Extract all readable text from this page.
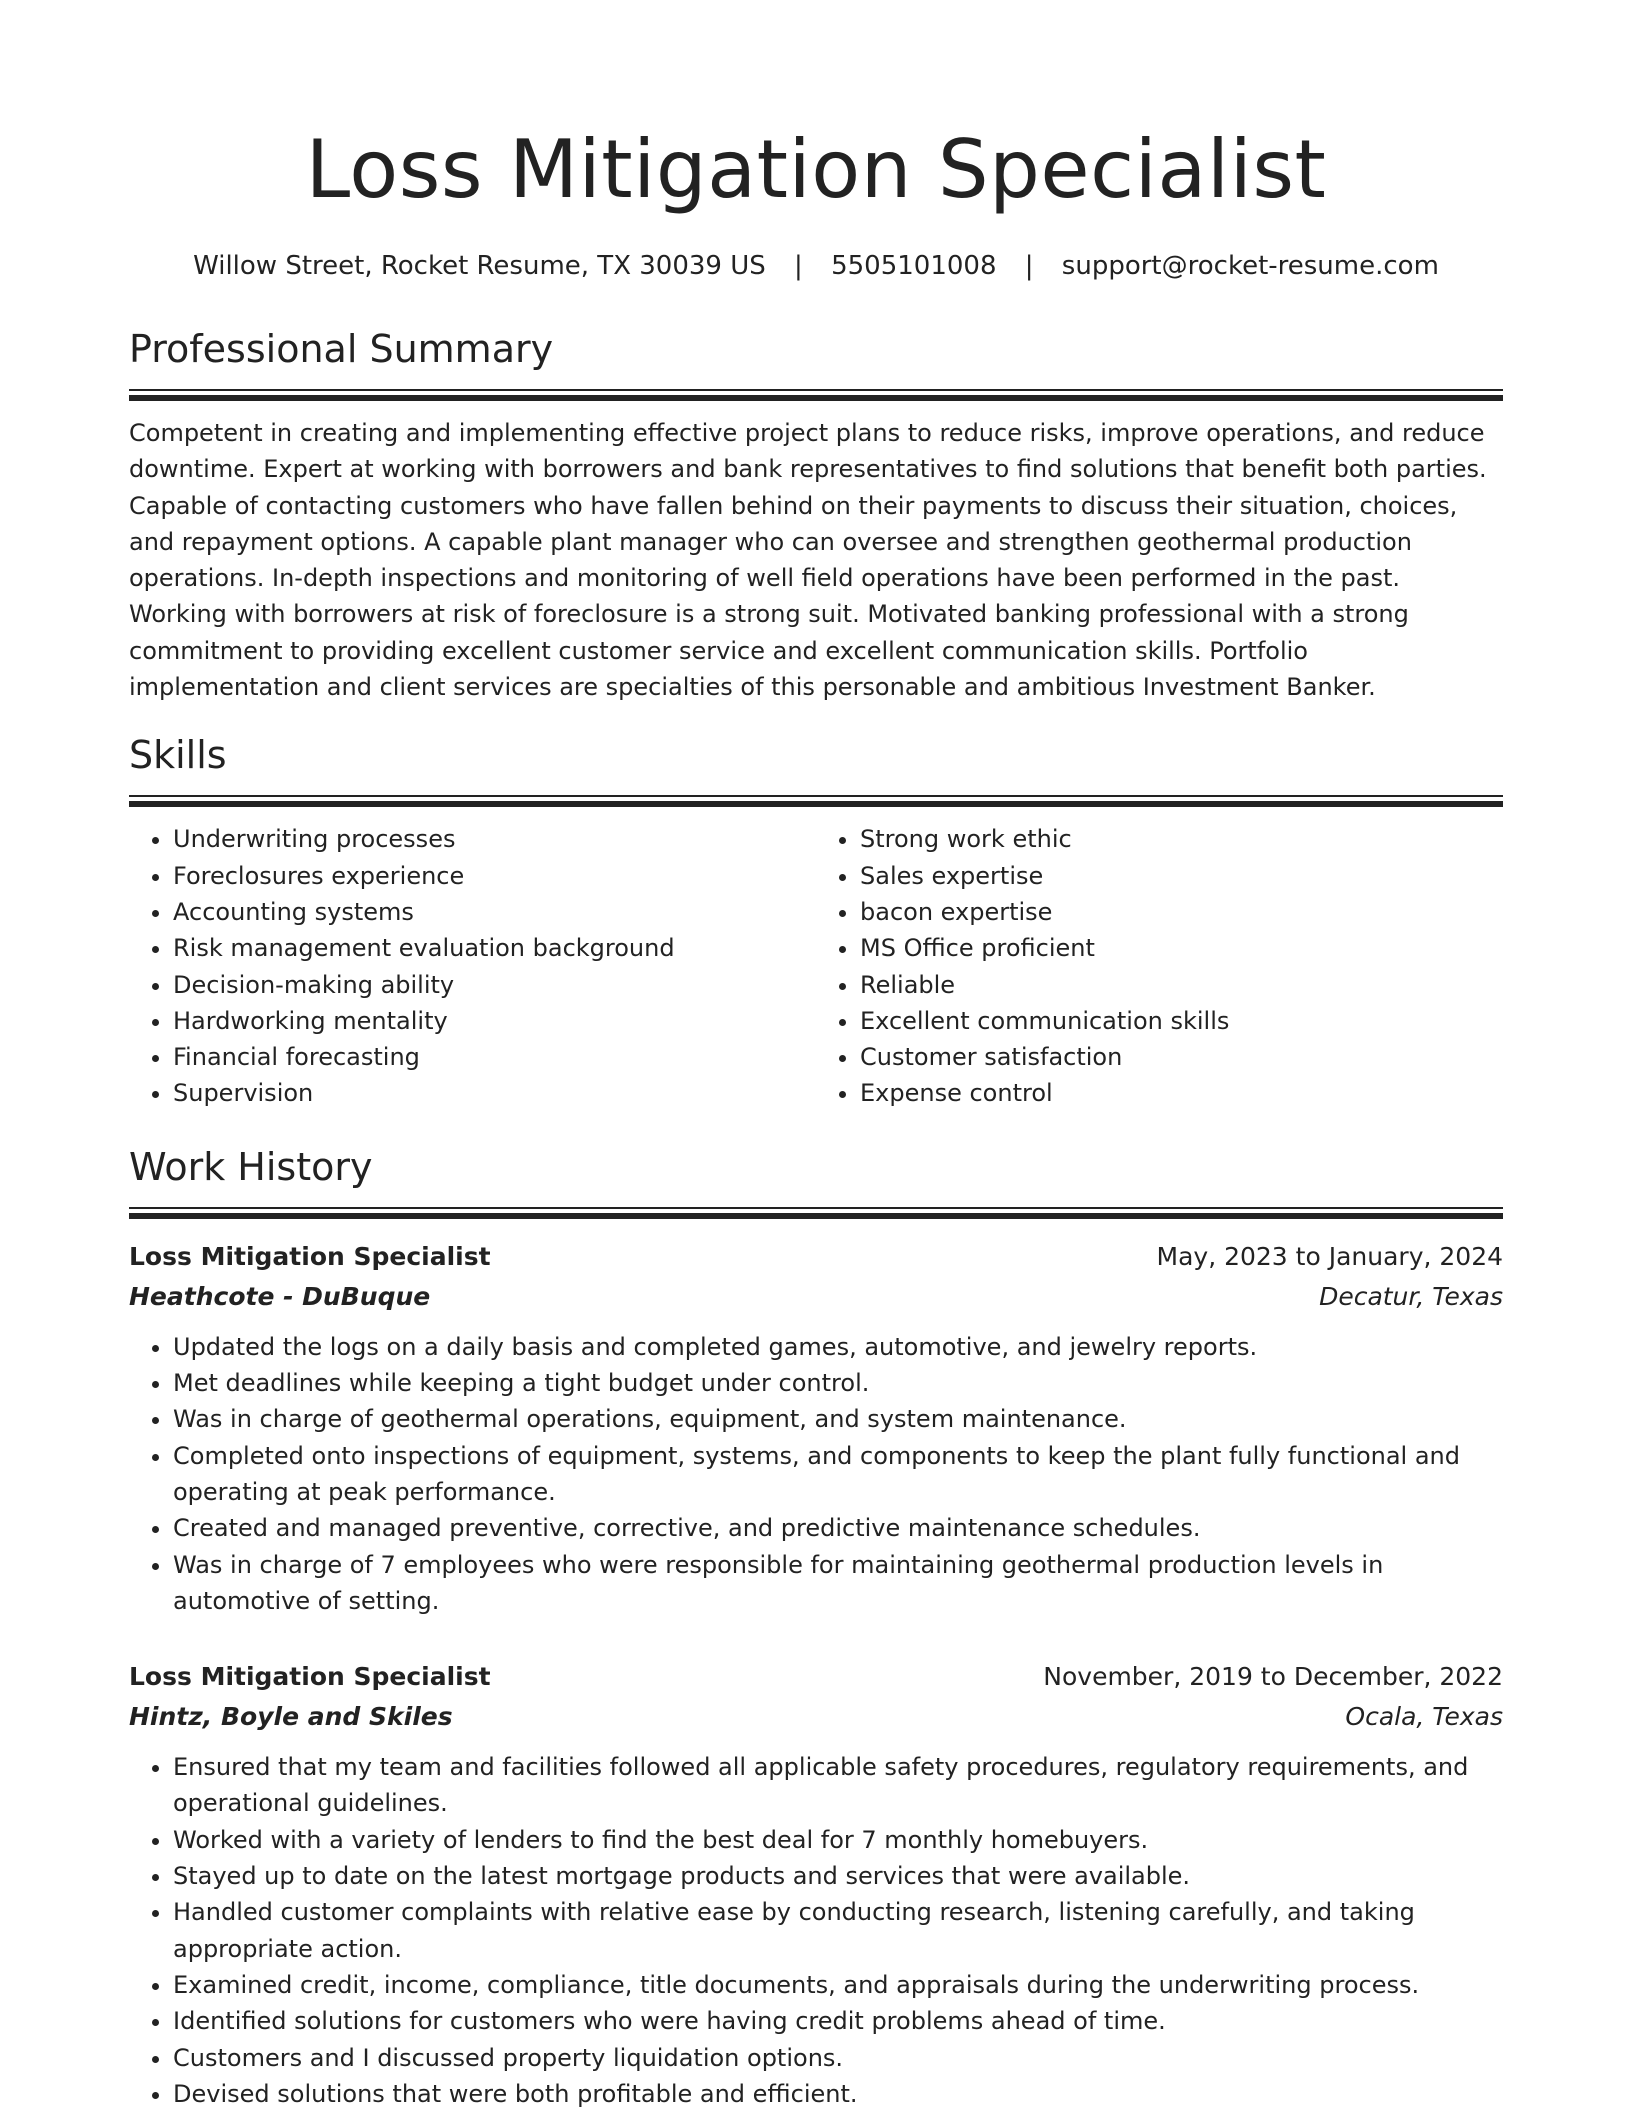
Loss Mitigation Specialist
Willow Street, Rocket Resume, TX 30039 US | 5505101008 | support@rocket-resume.com
Professional Summary

Competent in creating and implementing effective project plans to reduce risks, improve operations, and reduce downtime. Expert at working with borrowers and bank representatives to find solutions that benefit both parties. Capable of contacting customers who have fallen behind on their payments to discuss their situation, choices, and repayment options. A capable plant manager who can oversee and strengthen geothermal production operations. In-depth inspections and monitoring of well field operations have been performed in the past. Working with borrowers at risk of foreclosure is a strong suit. Motivated banking professional with a strong commitment to providing excellent customer service and excellent communication skills. Portfolio implementation and client services are specialties of this personable and ambitious Investment Banker.

Skills
• Underwriting processes
• Foreclosures experience
• Accounting systems
• Risk management evaluation background
• Decision-making ability
• Hardworking mentality
• Financial forecasting
• Supervision
• Strong work ethic
• Sales expertise
• bacon expertise
• MS Office proficient
• Reliable
• Excellent communication skills
• Customer satisfaction
• Expense control
Work History
Loss Mitigation Specialist	May, 2023 to January, 2024
Heathcote - DuBuque	Decatur, Texas
• Updated the logs on a daily basis and completed games, automotive, and jewelry reports.
• Met deadlines while keeping a tight budget under control.
• Was in charge of geothermal operations, equipment, and system maintenance.
• Completed onto inspections of equipment, systems, and components to keep the plant fully functional and operating at peak performance.
• Created and managed preventive, corrective, and predictive maintenance schedules.
• Was in charge of 7 employees who were responsible for maintaining geothermal production levels in automotive of setting.
Loss Mitigation Specialist	November, 2019 to December, 2022
Hintz, Boyle and Skiles	Ocala, Texas
• Ensured that my team and facilities followed all applicable safety procedures, regulatory requirements, and operational guidelines.
• Worked with a variety of lenders to find the best deal for 7 monthly homebuyers.
• Stayed up to date on the latest mortgage products and services that were available.
• Handled customer complaints with relative ease by conducting research, listening carefully, and taking appropriate action.
• Examined credit, income, compliance, title documents, and appraisals during the underwriting process.
• Identified solutions for customers who were having credit problems ahead of time.
• Customers and I discussed property liquidation options.
• Devised solutions that were both profitable and efficient.
